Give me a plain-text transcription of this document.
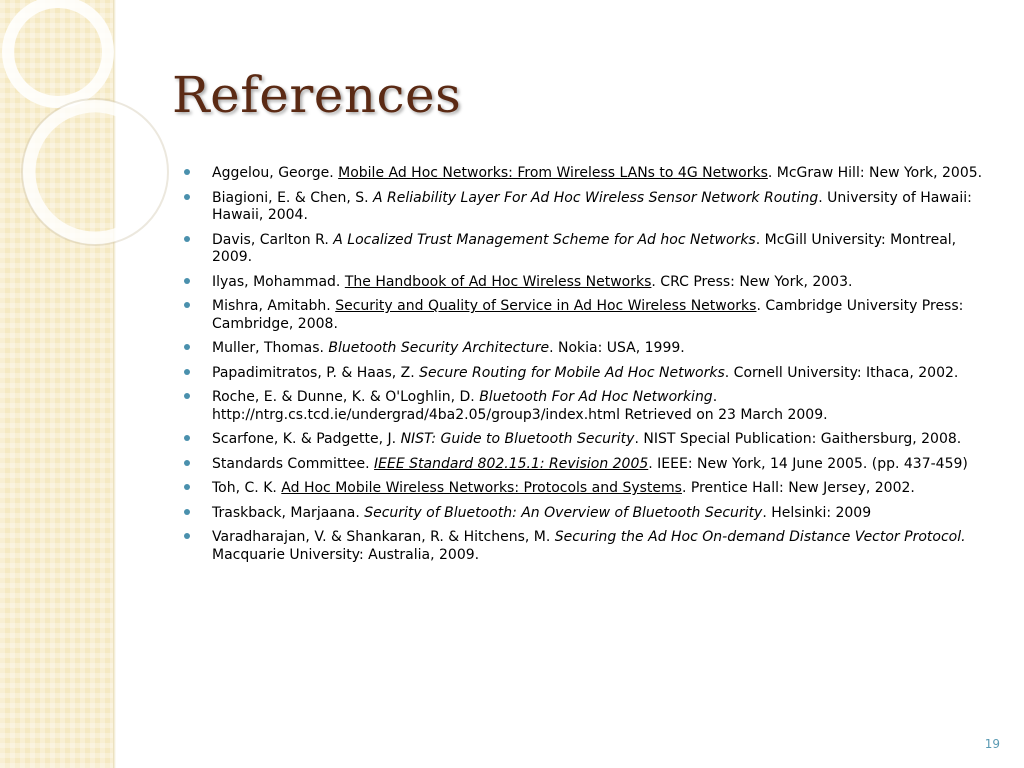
References
Aggelou, George. Mobile Ad Hoc Networks: From Wireless LANs to 4G Networks. McGraw Hill: New York, 2005.
Biagioni, E. & Chen, S. A Reliability Layer For Ad Hoc Wireless Sensor Network Routing. University of Hawaii: Hawaii, 2004.
Davis, Carlton R. A Localized Trust Management Scheme for Ad hoc Networks. McGill University: Montreal, 2009.
Ilyas, Mohammad. The Handbook of Ad Hoc Wireless Networks. CRC Press: New York, 2003.
Mishra, Amitabh. Security and Quality of Service in Ad Hoc Wireless Networks. Cambridge University Press: Cambridge, 2008.
Muller, Thomas. Bluetooth Security Architecture. Nokia: USA, 1999.
Papadimitratos, P. & Haas, Z. Secure Routing for Mobile Ad Hoc Networks. Cornell University: Ithaca, 2002.
Roche, E. & Dunne, K. & O'Loghlin, D. Bluetooth For Ad Hoc Networking. http://ntrg.cs.tcd.ie/undergrad/4ba2.05/group3/index.html Retrieved on 23 March 2009.
Scarfone, K. & Padgette, J. NIST: Guide to Bluetooth Security. NIST Special Publication: Gaithersburg, 2008.
Standards Committee. IEEE Standard 802.15.1: Revision 2005. IEEE: New York, 14 June 2005. (pp. 437-459)
Toh, C. K. Ad Hoc Mobile Wireless Networks: Protocols and Systems. Prentice Hall: New Jersey, 2002.
Traskback, Marjaana. Security of Bluetooth: An Overview of Bluetooth Security. Helsinki: 2009
Varadharajan, V. & Shankaran, R. & Hitchens, M. Securing the Ad Hoc On-demand Distance Vector Protocol. Macquarie University: Australia, 2009.
19
